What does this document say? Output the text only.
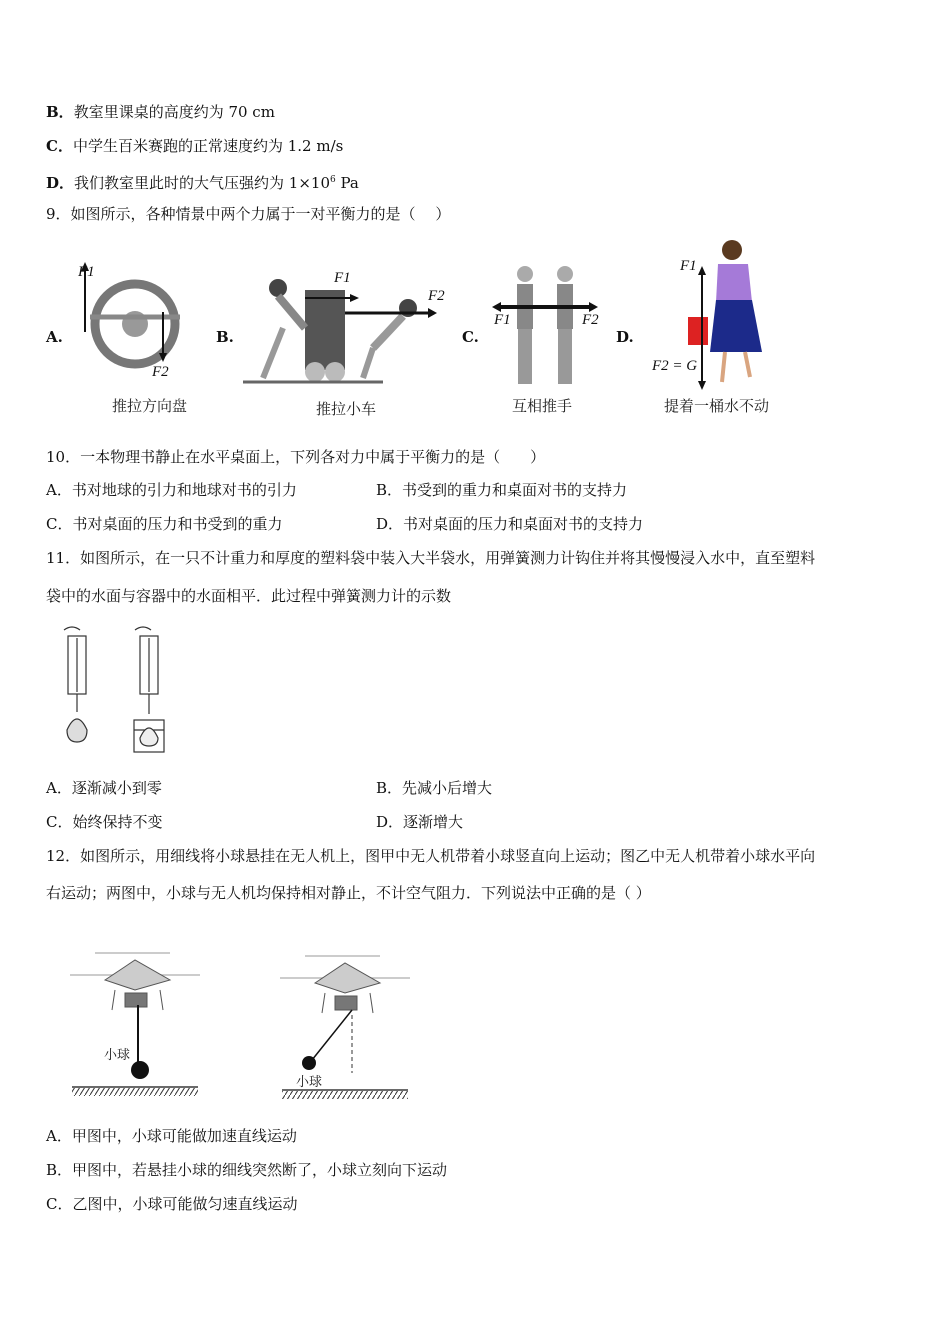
B．教室里课桌的高度约为 70 cm
C．中学生百米赛跑的正常速度约为 1.2 m/s
D．我们教室里此时的大气压强约为 $1\times 10^6$ Pa
9．如图所示，各种情景中两个力属于一对平衡力的是（　 ）
A.
F1
F2
推拉方向盘
B.
F1
F2
推拉小车
C.
F1	F2
互相推手
D.
F1
F2 = G
提着一桶水不动
10．一本物理书静止在水平桌面上，下列各对力中属于平衡力的是（　　）
A．书对地球的引力和地球对书的引力	B．书受到的重力和桌面对书的支持力
C．书对桌面的压力和书受到的重力	D．书对桌面的压力和桌面对书的支持力
11．如图所示，在一只不计重力和厚度的塑料袋中装入大半袋水，用弹簧测力计钩住并将其慢慢浸入水中，直至塑料
袋中的水面与容器中的水面相平．此过程中弹簧测力计的示数
A．逐渐减小到零	B．先减小后增大
C．始终保持不变	D．逐渐增大
12．如图所示，用细线将小球悬挂在无人机上，图甲中无人机带着小球竖直向上运动；图乙中无人机带着小球水平向
右运动；两图中，小球与无人机均保持相对静止，不计空气阻力．下列说法中正确的是（ ）
小球
小球
A．甲图中，小球可能做加速直线运动
B．甲图中，若悬挂小球的细线突然断了，小球立刻向下运动
C．乙图中，小球可能做匀速直线运动
